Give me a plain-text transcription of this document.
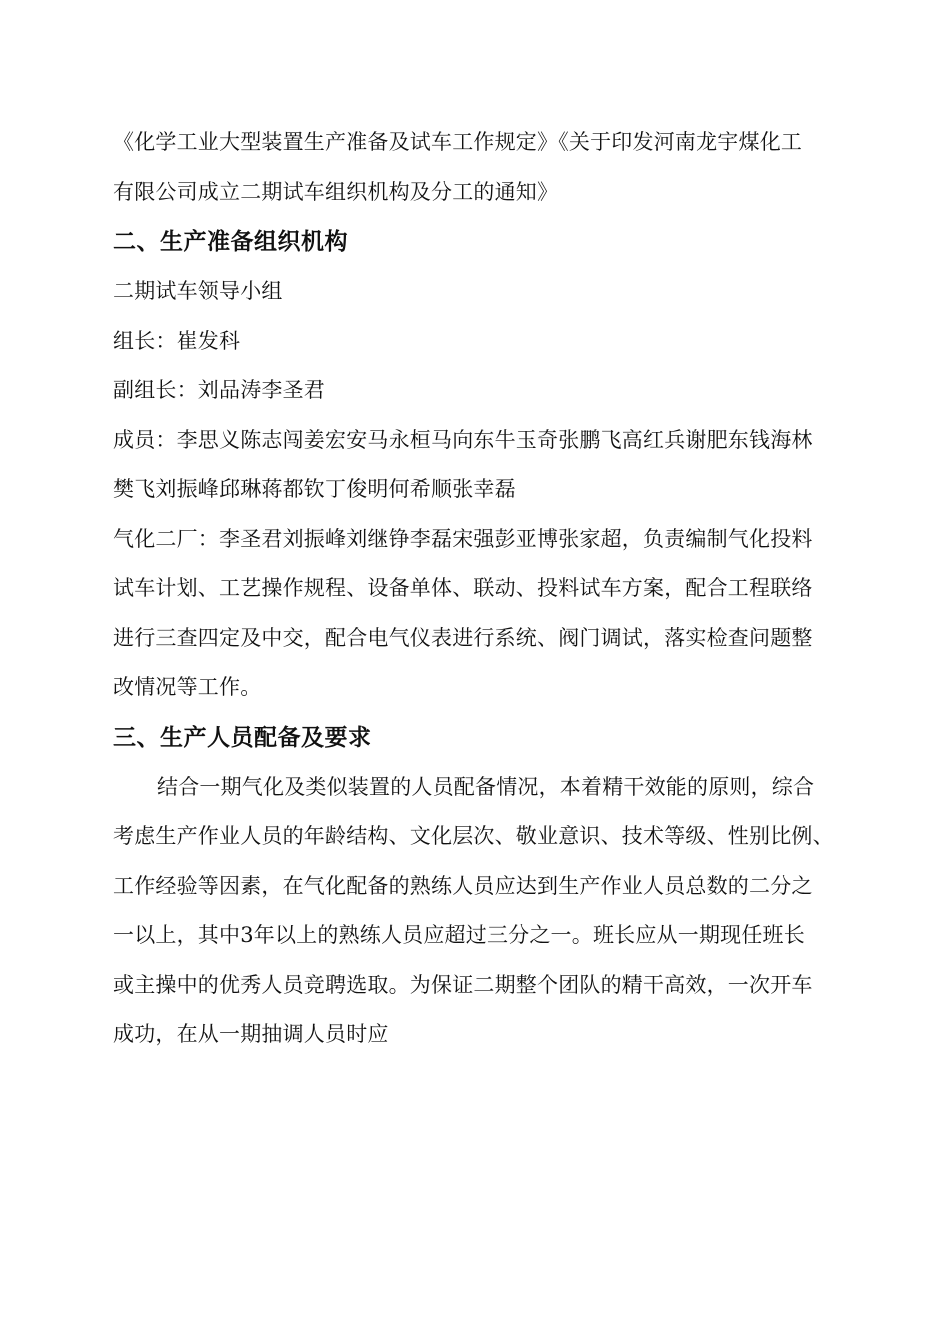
《化学工业大型装置生产准备及试车工作规定》《关于印发河南龙宇煤化工

有限公司成立二期试车组织机构及分工的通知》

二、生产准备组织机构

二期试车领导小组

组长：崔发科

副组长：刘品涛李圣君

成员：李思义陈志闯姜宏安马永桓马向东牛玉奇张鹏飞高红兵谢肥东钱海林

樊飞刘振峰邱琳蒋都钦丁俊明何希顺张幸磊

气化二厂：李圣君刘振峰刘继铮李磊宋强彭亚博张家超，负责编制气化投料

试车计划、工艺操作规程、设备单体、联动、投料试车方案，配合工程联络

进行三查四定及中交，配合电气仪表进行系统、阀门调试，落实检查问题整

改情况等工作。

三、生产人员配备及要求

结合一期气化及类似装置的人员配备情况，本着精干效能的原则，综合

考虑生产作业人员的年龄结构、文化层次、敬业意识、技术等级、性别比例、

工作经验等因素，在气化配备的熟练人员应达到生产作业人员总数的二分之

一以上，其中3年以上的熟练人员应超过三分之一。班长应从一期现任班长

或主操中的优秀人员竞聘选取。为保证二期整个团队的精干高效，一次开车

成功，在从一期抽调人员时应
